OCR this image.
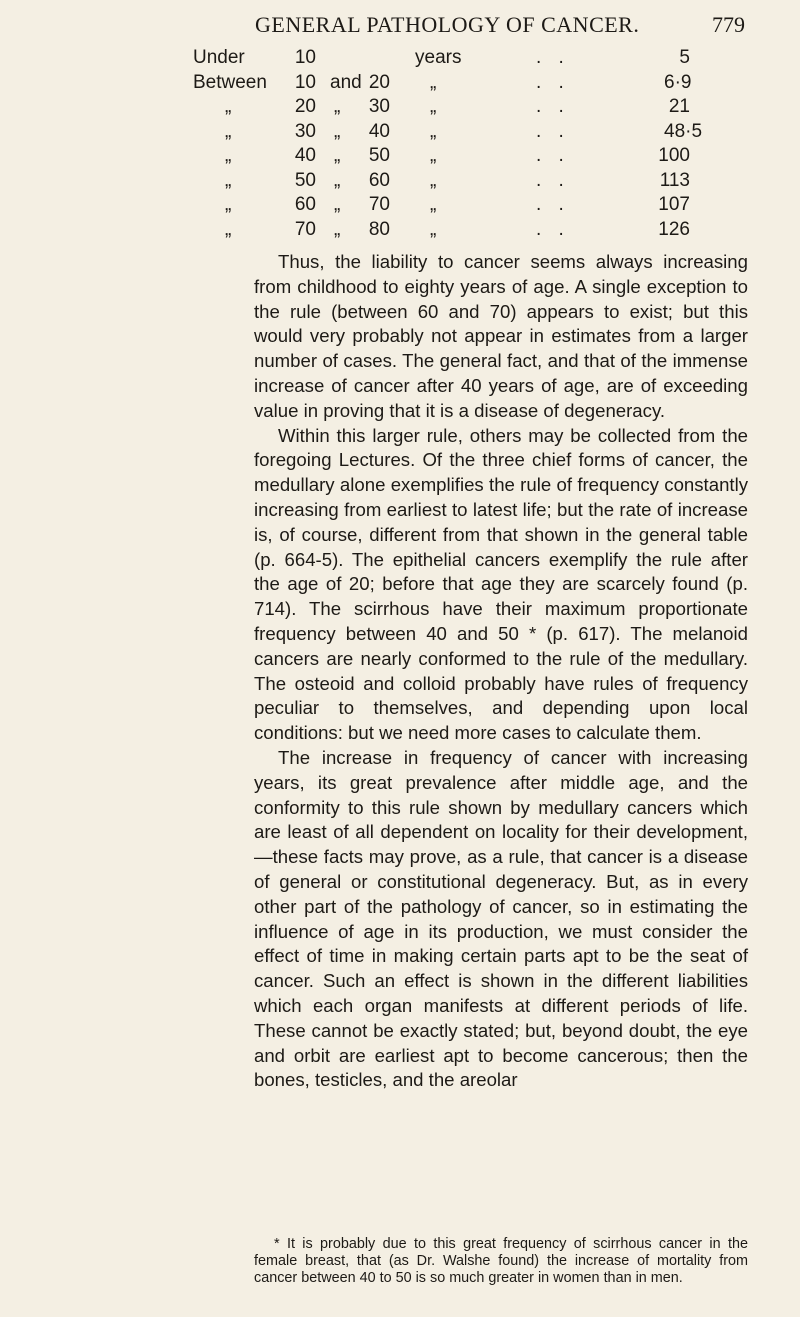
GENERAL PATHOLOGY OF CANCER.	779
Under	10	years	. .	5
Between	10 and 20 „	. .	6·9
„	20 „	30 „	. .	21
„	30 „	40 „	. .	48·5
„	40 „	50 „	. .	100
„	50 „	60 „	. .	113
„	60 „	70 „	. .	107
„	70 „	80 „	. .	126

Thus, the liability to cancer seems always increasing from childhood to eighty years of age. A single exception to the rule (between 60 and 70) appears to exist; but this would very probably not appear in estimates from a larger number of cases. The general fact, and that of the immense increase of cancer after 40 years of age, are of exceeding value in proving that it is a disease of degeneracy.

Within this larger rule, others may be collected from the foregoing Lectures. Of the three chief forms of cancer, the medullary alone exemplifies the rule of frequency constantly increasing from earliest to latest life; but the rate of increase is, of course, different from that shown in the general table (p. 664-5). The epithelial cancers exemplify the rule after the age of 20; before that age they are scarcely found (p. 714). The scirrhous have their maximum proportionate frequency between 40 and 50 * (p. 617). The melanoid cancers are nearly conformed to the rule of the medullary. The osteoid and colloid probably have rules of frequency peculiar to themselves, and depending upon local conditions: but we need more cases to calculate them.

The increase in frequency of cancer with increasing years, its great prevalence after middle age, and the conformity to this rule shown by medullary cancers which are least of all dependent on locality for their development,—these facts may prove, as a rule, that cancer is a disease of general or constitutional degeneracy. But, as in every other part of the pathology of cancer, so in estimating the influence of age in its production, we must consider the effect of time in making certain parts apt to be the seat of cancer. Such an effect is shown in the different liabilities which each organ manifests at different periods of life. These cannot be exactly stated; but, beyond doubt, the eye and orbit are earliest apt to become cancerous; then the bones, testicles, and the areolar

* It is probably due to this great frequency of scirrhous cancer in the female breast, that (as Dr. Walshe found) the increase of mortality from cancer between 40 to 50 is so much greater in women than in men.
